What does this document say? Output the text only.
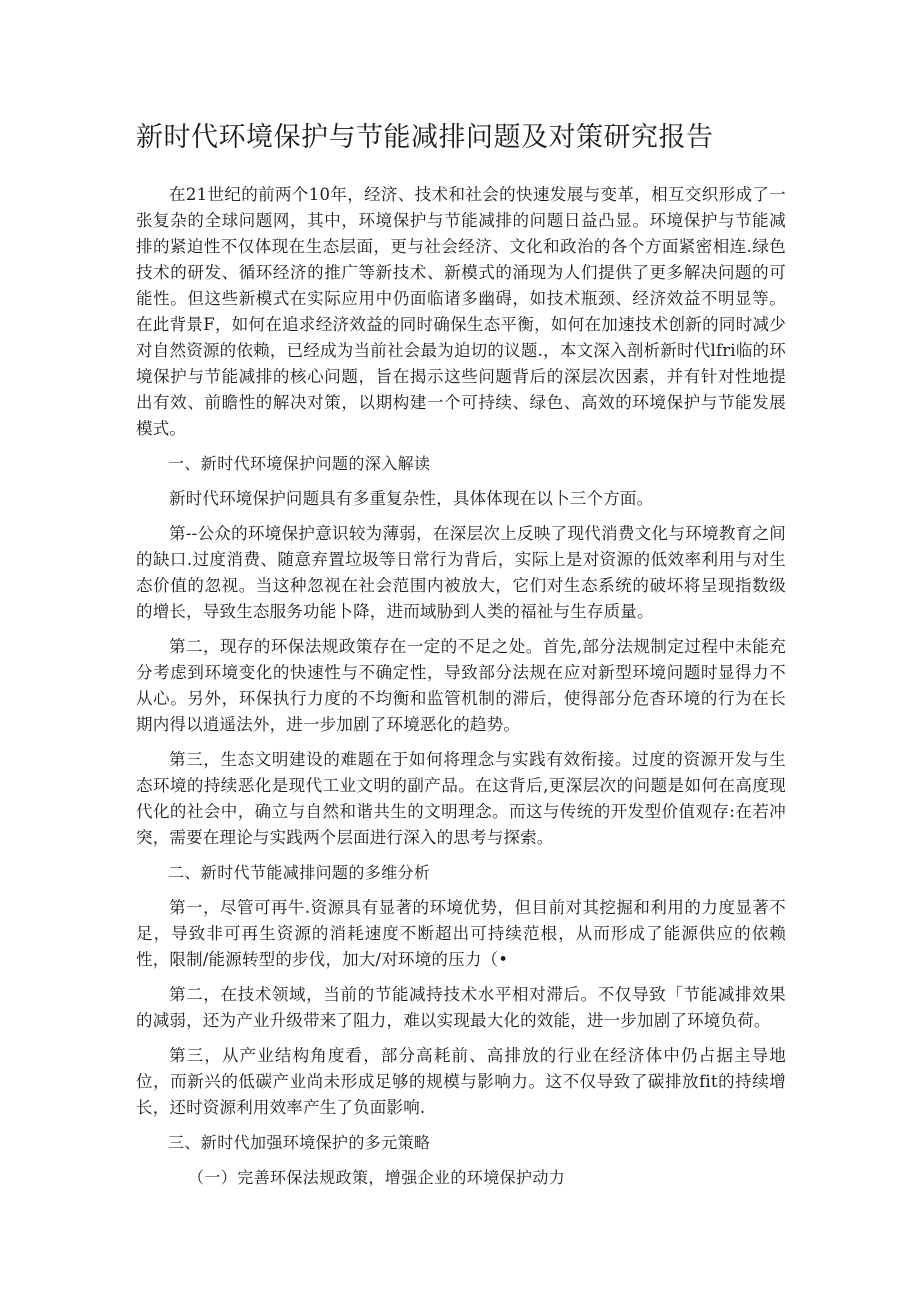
新时代环境保护与节能减排问题及对策研究报告

在21世纪的前两个10年，经济、技术和社会的快速发展与变革，相互交织形成了一张复杂的全球问题网，其中，环境保护与节能减排的问题日益凸显。环境保护与节能减排的紧迫性不仅体现在生态层面，更与社会经济、文化和政治的各个方面紧密相连.绿色技术的研发、循环经济的推广等新技术、新模式的涌现为人们提供了更多解决问题的可能性。但这些新模式在实际应用中仍面临诸多幽碍，如技术瓶颈、经济效益不明显等。在此背景F，如何在追求经济效益的同时确保生态平衡，如何在加速技术创新的同时减少对自然资源的依赖，已经成为当前社会最为迫切的议题.，本文深入剖析新时代lfri临的环境保护与节能减排的核心问题，旨在揭示这些问题背后的深层次因素，并有针对性地提出有效、前瞻性的解决对策，以期构建一个可持续、绿色、高效的环境保护与节能发展模式。

一、新时代环境保护问题的深入解读

新时代环境保护问题具有多重复杂性，具体体现在以卜三个方面。

第--公众的环境保护意识较为薄弱，在深层次上反映了现代消费文化与环境教育之间的缺口.过度消费、随意弃置垃圾等日常行为背后，实际上是对资源的低效率利用与对生态价值的忽视。当这种忽视在社会范围内被放大，它们对生态系统的破坏将呈现指数级的增长，导致生态服务功能卜降，进而域胁到人类的福祉与生存质量。

第二，现存的环保法规政策存在一定的不足之处。首先,部分法规制定过程中未能充分考虑到环境变化的快速性与不确定性，导致部分法规在应对新型环境问题时显得力不从心。另外，环保执行力度的不均衡和监管机制的滞后，使得部分危杳环境的行为在长期内得以逍遥法外，进一步加剧了环境恶化的趋势。

第三，生态文明建设的难题在于如何将理念与实践有效衔接。过度的资源开发与生态环境的持续恶化是现代工业文明的副产品。在这背后,更深层次的问题是如何在高度现代化的社会中，确立与自然和谐共生的文明理念。而这与传统的开发型价值观存:在若冲突，需要在理论与实践两个层面进行深入的思考与探索。

二、新时代节能减排问题的多维分析

第一，尽管可再牛.资源具有显著的环境优势，但目前对其挖掘和利用的力度显著不足，导致非可再生资源的消耗速度不断超出可持续范根，从而形成了能源供应的依赖性，限制/能源转型的步伐，加大/对环境的压力（•

第二，在技术领域，当前的节能减持技术水平相对滞后。不仅导致「节能减排效果的减弱，还为产业升级带来了阻力，难以实现最大化的效能，进一步加剧了环境负荷。

第三，从产业结构角度看，部分高耗前、高排放的行业在经济体中仍占据主导地位，而新兴的低碳产业尚未形成足够的规模与影响力。这不仅导致了碳排放fit的持续增长，还时资源利用效率产生了负面影响.

三、新时代加强环境保护的多元策略

（一）完善环保法规政策，增强企业的环境保护动力
